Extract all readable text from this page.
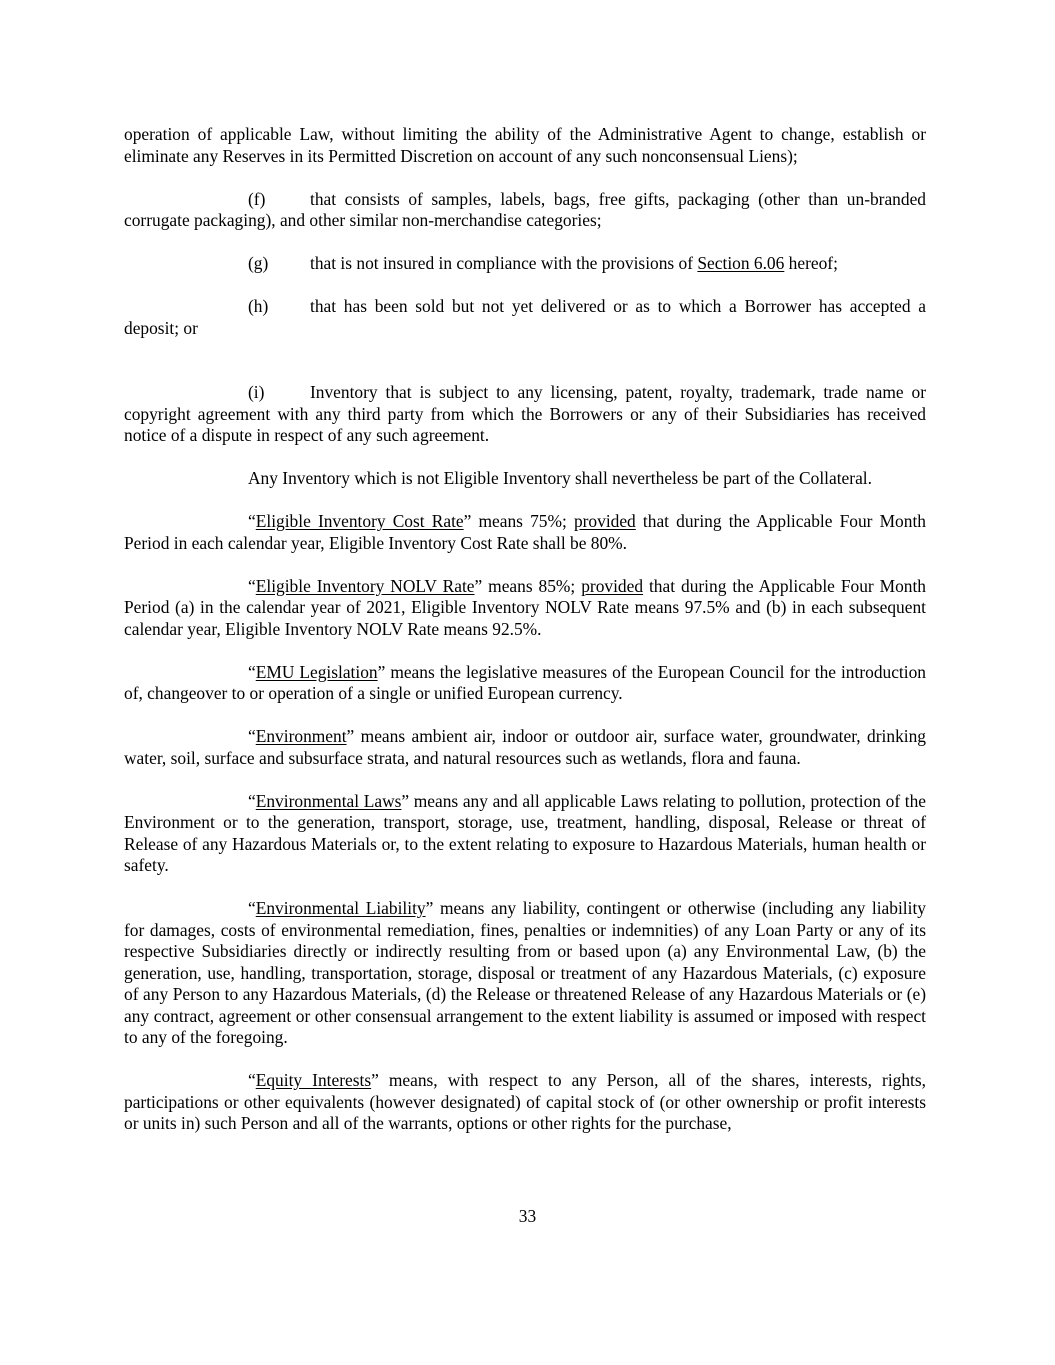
operation of applicable Law, without limiting the ability of the Administrative Agent to change, establish or eliminate any Reserves in its Permitted Discretion on account of any such nonconsensual Liens);

(f)	that consists of samples, labels, bags, free gifts, packaging (other than un-branded corrugate packaging), and other similar non-merchandise categories;

(g) that is not insured in compliance with the provisions of Section 6.06 hereof;

(h) that has been sold but not yet delivered or as to which a Borrower has accepted a

deposit; or

(i)	Inventory that is subject to any licensing, patent, royalty, trademark, trade name or copyright agreement with any third party from which the Borrowers or any of their Subsidiaries has received notice of a dispute in respect of any such agreement.

Any Inventory which is not Eligible Inventory shall nevertheless be part of the Collateral.

“Eligible Inventory Cost Rate” means 75%; provided that during the Applicable Four Month Period in each calendar year, Eligible Inventory Cost Rate shall be 80%.

“Eligible Inventory NOLV Rate” means 85%; provided that during the Applicable Four Month Period (a) in the calendar year of 2021, Eligible Inventory NOLV Rate means 97.5% and (b) in each subsequent calendar year, Eligible Inventory NOLV Rate means 92.5%.

“EMU Legislation” means the legislative measures of the European Council for the introduction of, changeover to or operation of a single or unified European currency.

“Environment” means ambient air, indoor or outdoor air, surface water, groundwater, drinking water, soil, surface and subsurface strata, and natural resources such as wetlands, flora and fauna.

“Environmental Laws” means any and all applicable Laws relating to pollution, protection of the Environment or to the generation, transport, storage, use, treatment, handling, disposal, Release or threat of Release of any Hazardous Materials or, to the extent relating to exposure to Hazardous Materials, human health or safety.

“Environmental Liability” means any liability, contingent or otherwise (including any liability for damages, costs of environmental remediation, fines, penalties or indemnities) of any Loan Party or any of its respective Subsidiaries directly or indirectly resulting from or based upon (a) any Environmental Law, (b) the generation, use, handling, transportation, storage, disposal or treatment of any Hazardous Materials, (c) exposure of any Person to any Hazardous Materials, (d) the Release or threatened Release of any Hazardous Materials or (e) any contract, agreement or other consensual arrangement to the extent liability is assumed or imposed with respect to any of the foregoing.

“Equity Interests” means, with respect to any Person, all of the shares, interests, rights, participations or other equivalents (however designated) of capital stock of (or other ownership or profit interests or units in) such Person and all of the warrants, options or other rights for the purchase,

33
